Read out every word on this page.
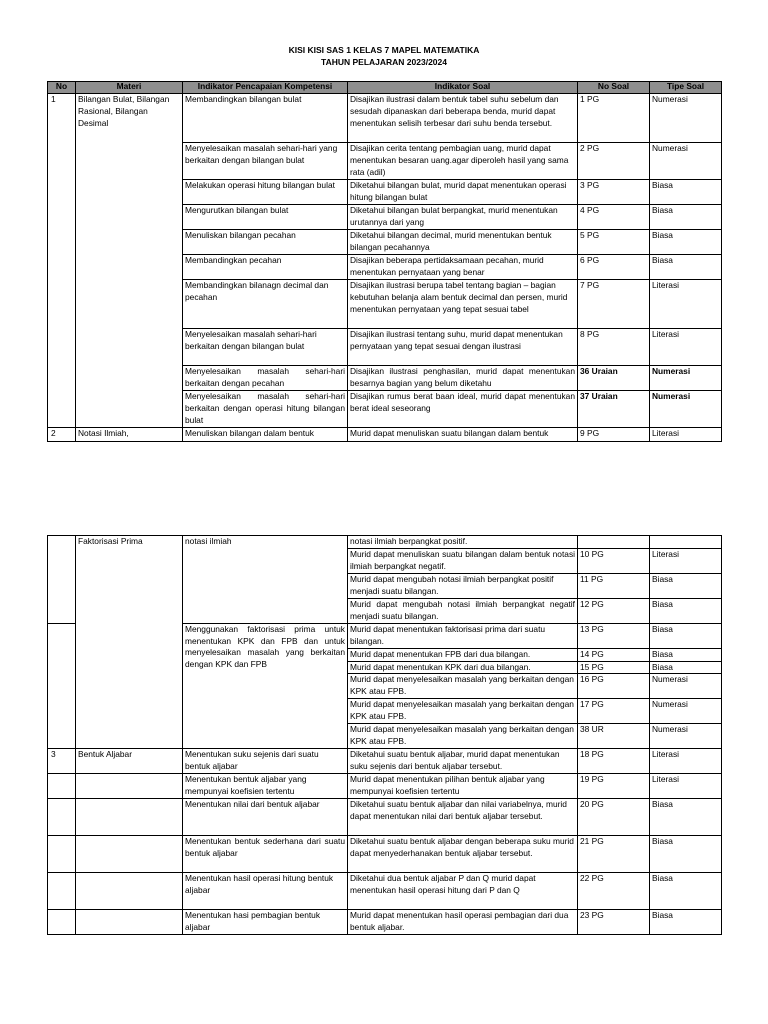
KISI KISI SAS 1 KELAS 7 MAPEL MATEMATIKA
TAHUN PELAJARAN 2023/2024
No	Materi	Indikator Pencapaian Kompetensi	Indikator Soal	No Soal	Tipe Soal
1	Bilangan Bulat, Bilangan Rasional, Bilangan Desimal	Membandingkan bilangan bulat	Disajikan ilustrasi dalam bentuk tabel suhu sebelum dan sesudah dipanaskan dari beberapa benda, murid dapat menentukan selisih terbesar dari suhu benda tersebut.	1 PG	Numerasi
		Menyelesaikan masalah sehari-hari yang berkaitan dengan bilangan bulat	Disajikan cerita tentang pembagian uang, murid dapat menentukan besaran uang.agar diperoleh hasil yang sama rata (adil)	2 PG	Numerasi
		Melakukan operasi hitung bilangan bulat	Diketahui bilangan bulat, murid dapat menentukan operasi hitung bilangan bulat	3 PG	Biasa
		Mengurutkan bilangan bulat	Diketahui bilangan bulat berpangkat, murid menentukan urutannya dari yang	4 PG	Biasa
		Menuliskan bilangan pecahan	Diketahui bilangan decimal, murid menentukan bentuk bilangan pecahannya	5 PG	Biasa
		Membandingkan pecahan	Disajikan beberapa pertidaksamaan pecahan, murid menentukan pernyataan yang benar	6 PG	Biasa
		Membandingkan bilanagn decimal dan pecahan	Disajikan ilustrasi berupa tabel tentang bagian – bagian kebutuhan belanja alam bentuk decimal dan persen, murid menentukan pernyataan yang tepat sesuai tabel	7 PG	Literasi
		Menyelesaikan masalah sehari-hari berkaitan dengan bilangan bulat	Disajikan ilustrasi tentang suhu, murid dapat menentukan pernyataan yang tepat sesuai dengan ilustrasi	8 PG	Literasi
		Menyelesaikan masalah sehari-hari berkaitan dengan pecahan	Disajikan ilustrasi penghasilan, murid dapat menentukan besarnya bagian yang belum diketahu	36 Uraian	Numerasi
		Menyelesaikan masalah sehari-hari berkaitan dengan operasi hitung bilangan bulat	Disajikan rumus berat baan ideal, murid dapat menentukan berat ideal seseorang	37 Uraian	Numerasi
2	Notasi Ilmiah,	Menuliskan bilangan dalam bentuk	Murid dapat menuliskan suatu bilangan dalam bentuk	9 PG	Literasi
	Faktorisasi Prima	notasi ilmiah	notasi ilmiah berpangkat positif.		
			Murid dapat menuliskan suatu bilangan dalam bentuk notasi ilmiah berpangkat negatif.	10 PG	Literasi
			Murid dapat mengubah notasi ilmiah berpangkat positif menjadi suatu bilangan.	11 PG	Biasa
			Murid dapat mengubah notasi ilmiah berpangkat negatif menjadi suatu bilangan.	12 PG	Biasa
		Menggunakan faktorisasi prima untuk menentukan KPK dan FPB dan untuk menyelesaikan masalah yang berkaitan dengan KPK dan FPB	Murid dapat menentukan faktorisasi prima dari suatu bilangan.	13 PG	Biasa
			Murid dapat menentukan FPB dari dua bilangan.	14 PG	Biasa
			Murid dapat menentukan KPK dari dua bilangan.	15 PG	Biasa
			Murid dapat menyelesaikan masalah yang berkaitan dengan KPK atau FPB.	16 PG	Numerasi
			Murid dapat menyelesaikan masalah yang berkaitan dengan KPK atau FPB.	17 PG	Numerasi
			Murid dapat menyelesaikan masalah yang berkaitan dengan KPK atau FPB.	38 UR	Numerasi
3	Bentuk Aljabar	Menentukan suku sejenis dari suatu bentuk aljabar	Diketahui suatu bentuk aljabar, murid dapat menentukan suku sejenis dari bentuk aljabar tersebut.	18 PG	Literasi
		Menentukan bentuk aljabar yang mempunyai koefisien tertentu	Murid dapat menentukan pilihan bentuk aljabar yang mempunyai koefisien tertentu	19 PG	Literasi
		Menentukan nilai dari bentuk aljabar	Diketahui suatu bentuk aljabar dan nilai variabelnya, murid dapat menentukan nilai dari bentuk aljabar tersebut.	20 PG	Biasa
		Menentukan bentuk sederhana dari suatu bentuk aljabar	Diketahui suatu bentuk aljabar dengan beberapa suku murid dapat menyederhanakan bentuk aljabar tersebut.	21 PG	Biasa
		Menentukan hasil operasi hitung bentuk aljabar	Diketahui dua bentuk aljabar P dan Q murid dapat menentukan hasil operasi hitung dari P dan Q	22 PG	Biasa
		Menentukan hasi pembagian bentuk aljabar	Murid dapat menentukan hasil operasi pembagian dari dua bentuk aljabar.	23 PG	Biasa
